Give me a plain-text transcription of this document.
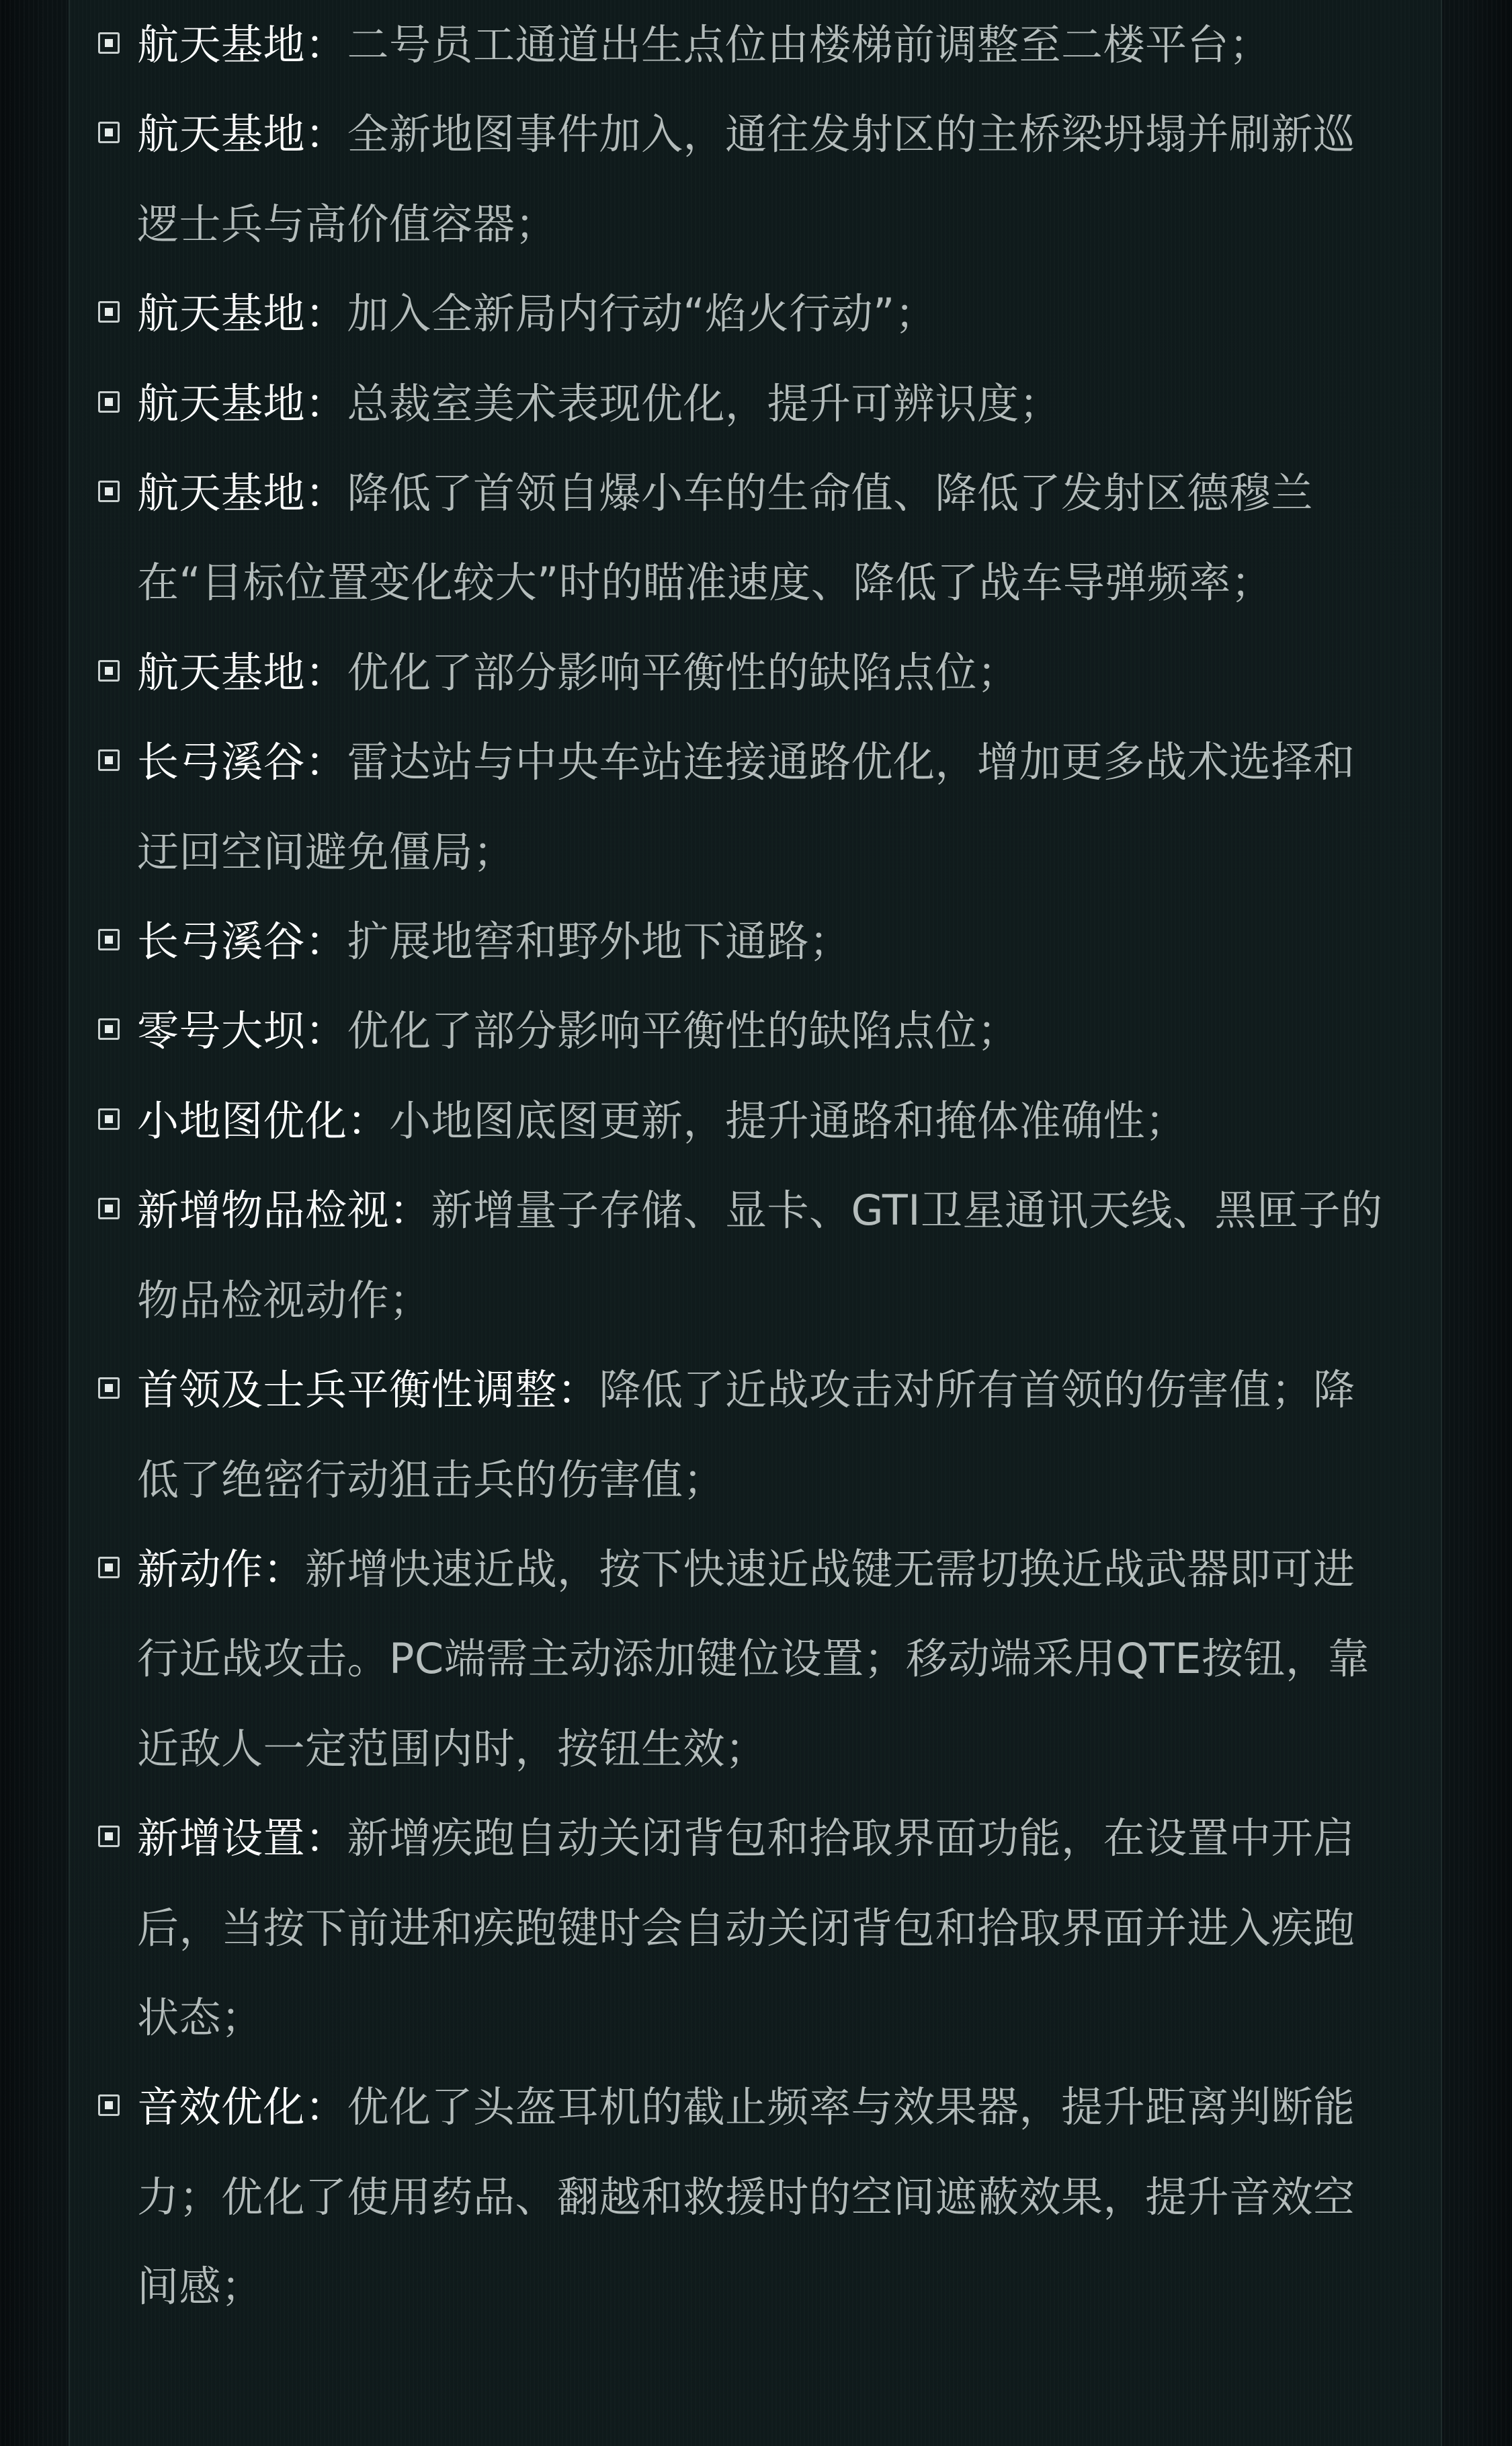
航天基地：二号员工通道出生点位由楼梯前调整至二楼平台；
航天基地：全新地图事件加入，通往发射区的主桥梁坍塌并刷新巡逻士兵与高价值容器；
航天基地：加入全新局内行动“焰火行动”；
航天基地：总裁室美术表现优化，提升可辨识度；
航天基地：降低了首领自爆小车的生命值、降低了发射区德穆兰在“目标位置变化较大”时的瞄准速度、降低了战车导弹频率；
航天基地：优化了部分影响平衡性的缺陷点位；
长弓溪谷：雷达站与中央车站连接通路优化，增加更多战术选择和迂回空间避免僵局；
长弓溪谷：扩展地窖和野外地下通路；
零号大坝：优化了部分影响平衡性的缺陷点位；
小地图优化：小地图底图更新，提升通路和掩体准确性；
新增物品检视：新增量子存储、显卡、GTI卫星通讯天线、黑匣子的物品检视动作；
首领及士兵平衡性调整：降低了近战攻击对所有首领的伤害值；降低了绝密行动狙击兵的伤害值；
新动作：新增快速近战，按下快速近战键无需切换近战武器即可进行近战攻击。PC端需主动添加键位设置；移动端采用QTE按钮，靠近敌人一定范围内时，按钮生效；
新增设置：新增疾跑自动关闭背包和拾取界面功能，在设置中开启后，当按下前进和疾跑键时会自动关闭背包和拾取界面并进入疾跑状态；
音效优化：优化了头盔耳机的截止频率与效果器，提升距离判断能力；优化了使用药品、翻越和救援时的空间遮蔽效果，提升音效空间感；
